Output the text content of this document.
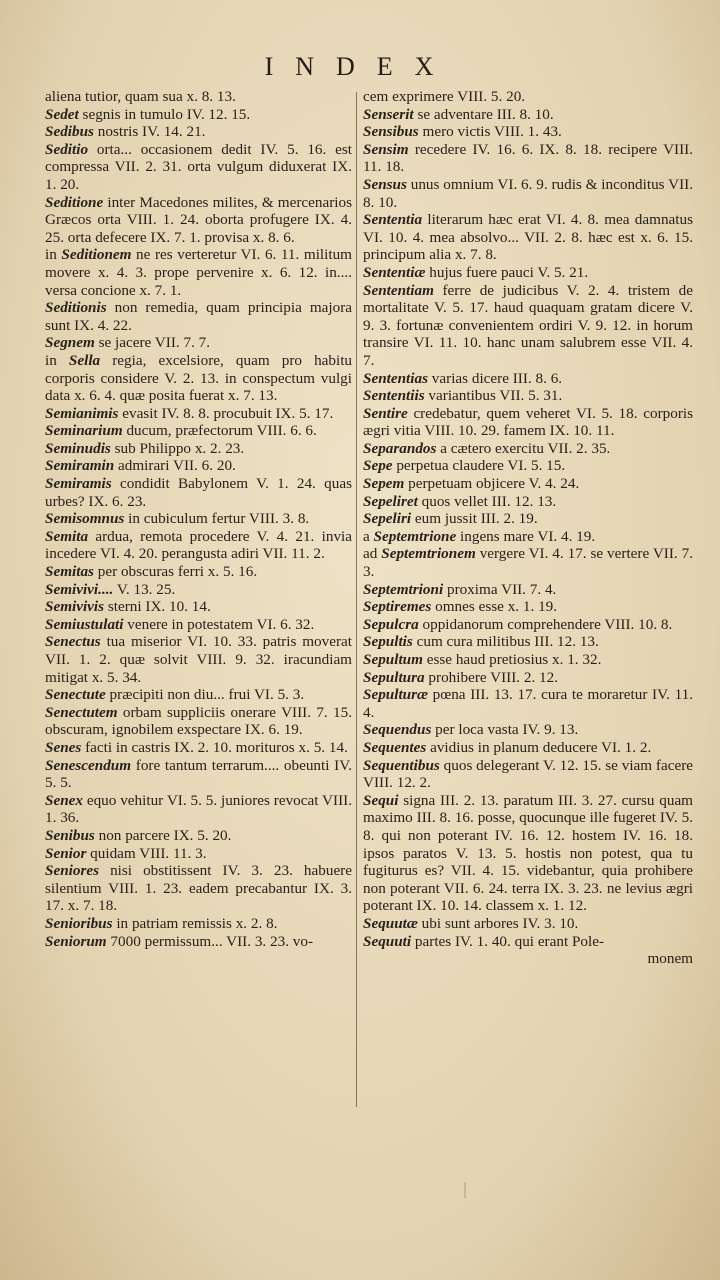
INDEX
aliena tutior, quam sua x. 8. 13.
Sedet segnis in tumulo IV. 12. 15.
Sedibus nostris IV. 14. 21.
Seditio orta... occasionem dedit IV. 5. 16. est compressa VII. 2. 31. orta vulgum diduxerat IX. 1. 20.
Seditione inter Macedones milites, & mercenarios Græcos orta VIII. 1. 24. oborta profugere IX. 4. 25. orta defecere IX. 7. 1. provisa x. 8. 6.
in Seditionem ne res verteretur VI. 6. 11. militum movere x. 4. 3. prope pervenire x. 6. 12. in.... versa concione x. 7. 1.
Seditionis non remedia, quam principia majora sunt IX. 4. 22.
Segnem se jacere VII. 7. 7.
in Sella regia, excelsiore, quam pro habitu corporis considere V. 2. 13. in conspectum vulgi data x. 6. 4. quæ posita fuerat x. 7. 13.
Semianimis evasit IV. 8. 8. procubuit IX. 5. 17.
Seminarium ducum, præfectorum VIII. 6. 6.
Seminudis sub Philippo x. 2. 23.
Semiramin admirari VII. 6. 20.
Semiramis condidit Babylonem V. 1. 24. quas urbes? IX. 6. 23.
Semisomnus in cubiculum fertur VIII. 3. 8.
Semita ardua, remota procedere V. 4. 21. invia incedere VI. 4. 20. perangusta adiri VII. 11. 2.
Semitas per obscuras ferri x. 5. 16.
Semivivi.... V. 13. 25.
Semivivis sterni IX. 10. 14.
Semiustulati venere in potestatem VI. 6. 32.
Senectus tua miserior VI. 10. 33. patris moverat VII. 1. 2. quæ solvit VIII. 9. 32. iracundiam mitigat x. 5. 34.
Senectute præcipiti non diu... frui VI. 5. 3.
Senectutem orbam suppliciis onerare VIII. 7. 15. obscuram, ignobilem exspectare IX. 6. 19.
Senes facti in castris IX. 2. 10. morituros x. 5. 14.
Senescendum fore tantum terrarum.... obeunti IV. 5. 5.
Senex equo vehitur VI. 5. 5. juniores revocat VIII. 1. 36.
Senibus non parcere IX. 5. 20.
Senior quidam VIII. 11. 3.
Seniores nisi obstitissent IV. 3. 23. habuere silentium VIII. 1. 23. eadem precabantur IX. 3. 17. x. 7. 18.
Senioribus in patriam remissis x. 2. 8.
Seniorum 7000 permissum... VII. 3. 23. vo-
cem exprimere VIII. 5. 20.
Senserit se adventare III. 8. 10.
Sensibus mero victis VIII. 1. 43.
Sensim recedere IV. 16. 6. IX. 8. 18. recipere VIII. 11. 18.
Sensus unus omnium VI. 6. 9. rudis & inconditus VII. 8. 10.
Sententia literarum hæc erat VI. 4. 8. mea damnatus VI. 10. 4. mea absolvo... VII. 2. 8. hæc est x. 6. 15. principum alia x. 7. 8.
Sententiæ hujus fuere pauci V. 5. 21.
Sententiam ferre de judicibus V. 2. 4. tristem de mortalitate V. 5. 17. haud quaquam gratam dicere V. 9. 3. fortunæ convenientem ordiri V. 9. 12. in horum transire VI. 11. 10. hanc unam salubrem esse VII. 4. 7.
Sententias varias dicere III. 8. 6.
Sententiis variantibus VII. 5. 31.
Sentire credebatur, quem veheret VI. 5. 18. corporis ægri vitia VIII. 10. 29. famem IX. 10. 11.
Separandos a cætero exercitu VII. 2. 35.
Sepe perpetua claudere VI. 5. 15.
Sepem perpetuam objicere V. 4. 24.
Sepeliret quos vellet III. 12. 13.
Sepeliri eum jussit III. 2. 19.
a Septemtrione ingens mare VI. 4. 19.
ad Septemtrionem vergere VI. 4. 17. se vertere VII. 7. 3.
Septemtrioni proxima VII. 7. 4.
Septiremes omnes esse x. 1. 19.
Sepulcra oppidanorum comprehendere VIII. 10. 8.
Sepultis cum cura militibus III. 12. 13.
Sepultum esse haud pretiosius x. 1. 32.
Sepultura prohibere VIII. 2. 12.
Sepulturæ pœna III. 13. 17. cura te moraretur IV. 11. 4.
Sequendus per loca vasta IV. 9. 13.
Sequentes avidius in planum deducere VI. 1. 2.
Sequentibus quos delegerant V. 12. 15. se viam facere VIII. 12. 2.
Sequi signa III. 2. 13. paratum III. 3. 27. cursu quam maximo III. 8. 16. posse, quocunque ille fugeret IV. 5. 8. qui non poterant IV. 16. 12. hostem IV. 16. 18. ipsos paratos V. 13. 5. hostis non potest, qua tu fugiturus es? VII. 4. 15. videbantur, quia prohibere non poterant VII. 6. 24. terra IX. 3. 23. ne levius ægri poterant IX. 10. 14. classem x. 1. 12.
Sequutæ ubi sunt arbores IV. 3. 10.
Sequuti partes IV. 1. 40. qui erant Pole-
monem
